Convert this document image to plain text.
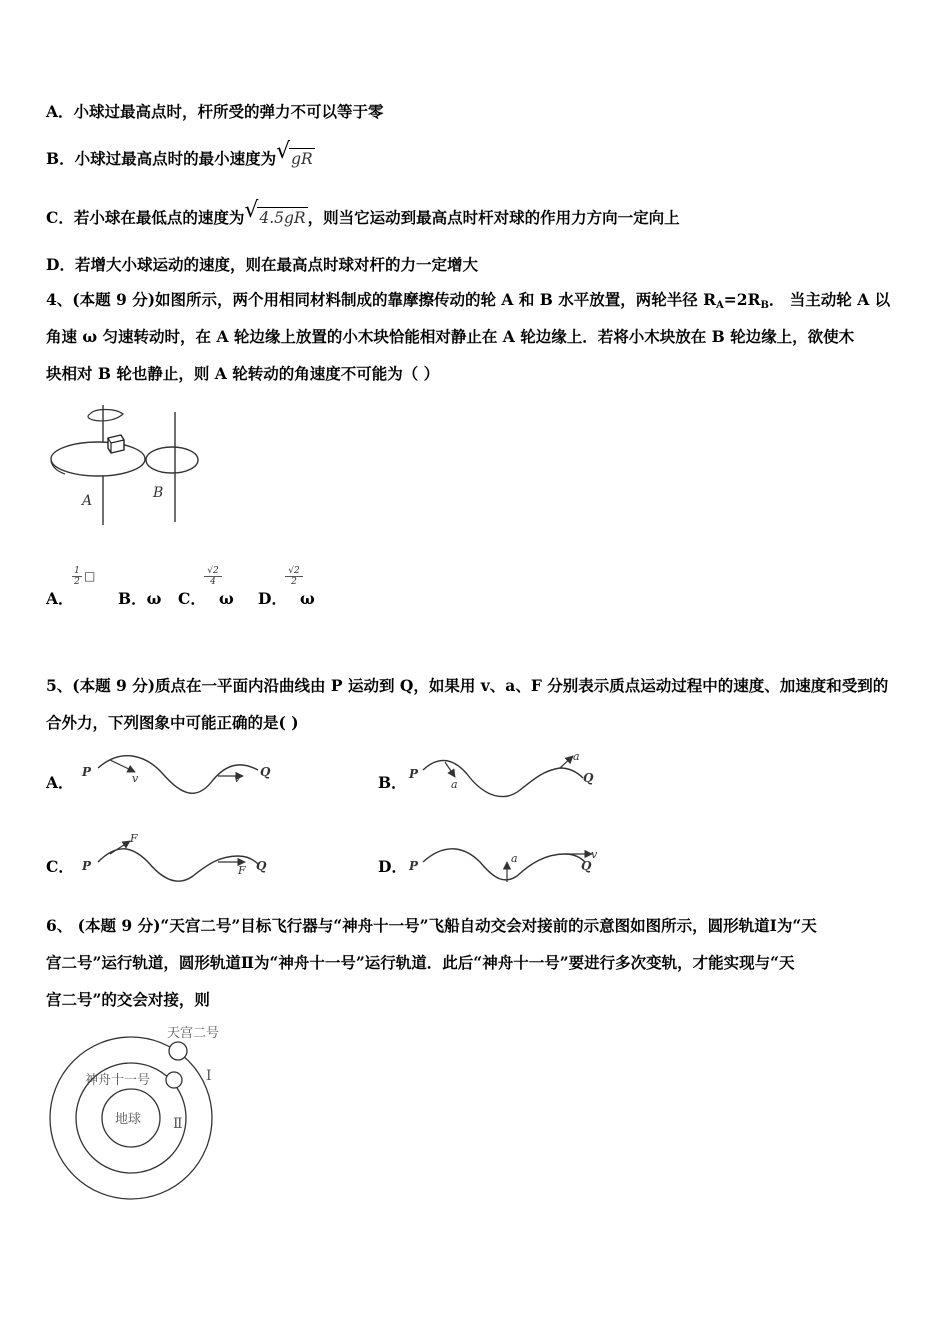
A．小球过最高点时，杆所受的弹力不可以等于零
B．小球过最高点时的最小速度为 √ gR
C．若小球在最低点的速度为 √ 4.5gR ，则当它运动到最高点时杆对球的作用力方向一定向上
D．若增大小球运动的速度，则在最高点时球对杆的力一定增大
4、(本题 9 分)如图所示，两个用相同材料制成的靠摩擦传动的轮 A 和 B 水平放置，两轮半径 $R_A=2R_B$． 当主动轮 A 以
角速 ω 匀速转动时，在 A 轮边缘上放置的小木块恰能相对静止在 A 轮边缘上．若将小木块放在 B 轮边缘上，欲使木
块相对 B 轮也静止，则 A 轮转动的角速度不可能为（ ）
A	B
A．
$\frac{1}{2}$ □
B．ω C．
$\frac{√2}{4}$
ω D．
$\frac{√2}{2}$
ω
5、(本题 9 分)质点在一平面内沿曲线由 P 运动到 Q，如果用 v、a、F 分别表示质点运动过程中的速度、加速度和受到的
合外力，下列图象中可能正确的是( )
A．
P	Q
v	v	B． P	Q
a
a
C． P	Q
F
F	D． P	Q
a	v
6、 (本题 9 分)“天宫二号”目标飞行器与“神舟十一号”飞船自动交会对接前的示意图如图所示，圆形轨道Ⅰ为“天
宫二号”运行轨道，圆形轨道Ⅱ为“神舟十一号”运行轨道．此后“神舟十一号”要进行多次变轨，才能实现与“天
宫二号”的交会对接，则
天宫二号
神舟十一号
地球
Ⅰ
Ⅱ
